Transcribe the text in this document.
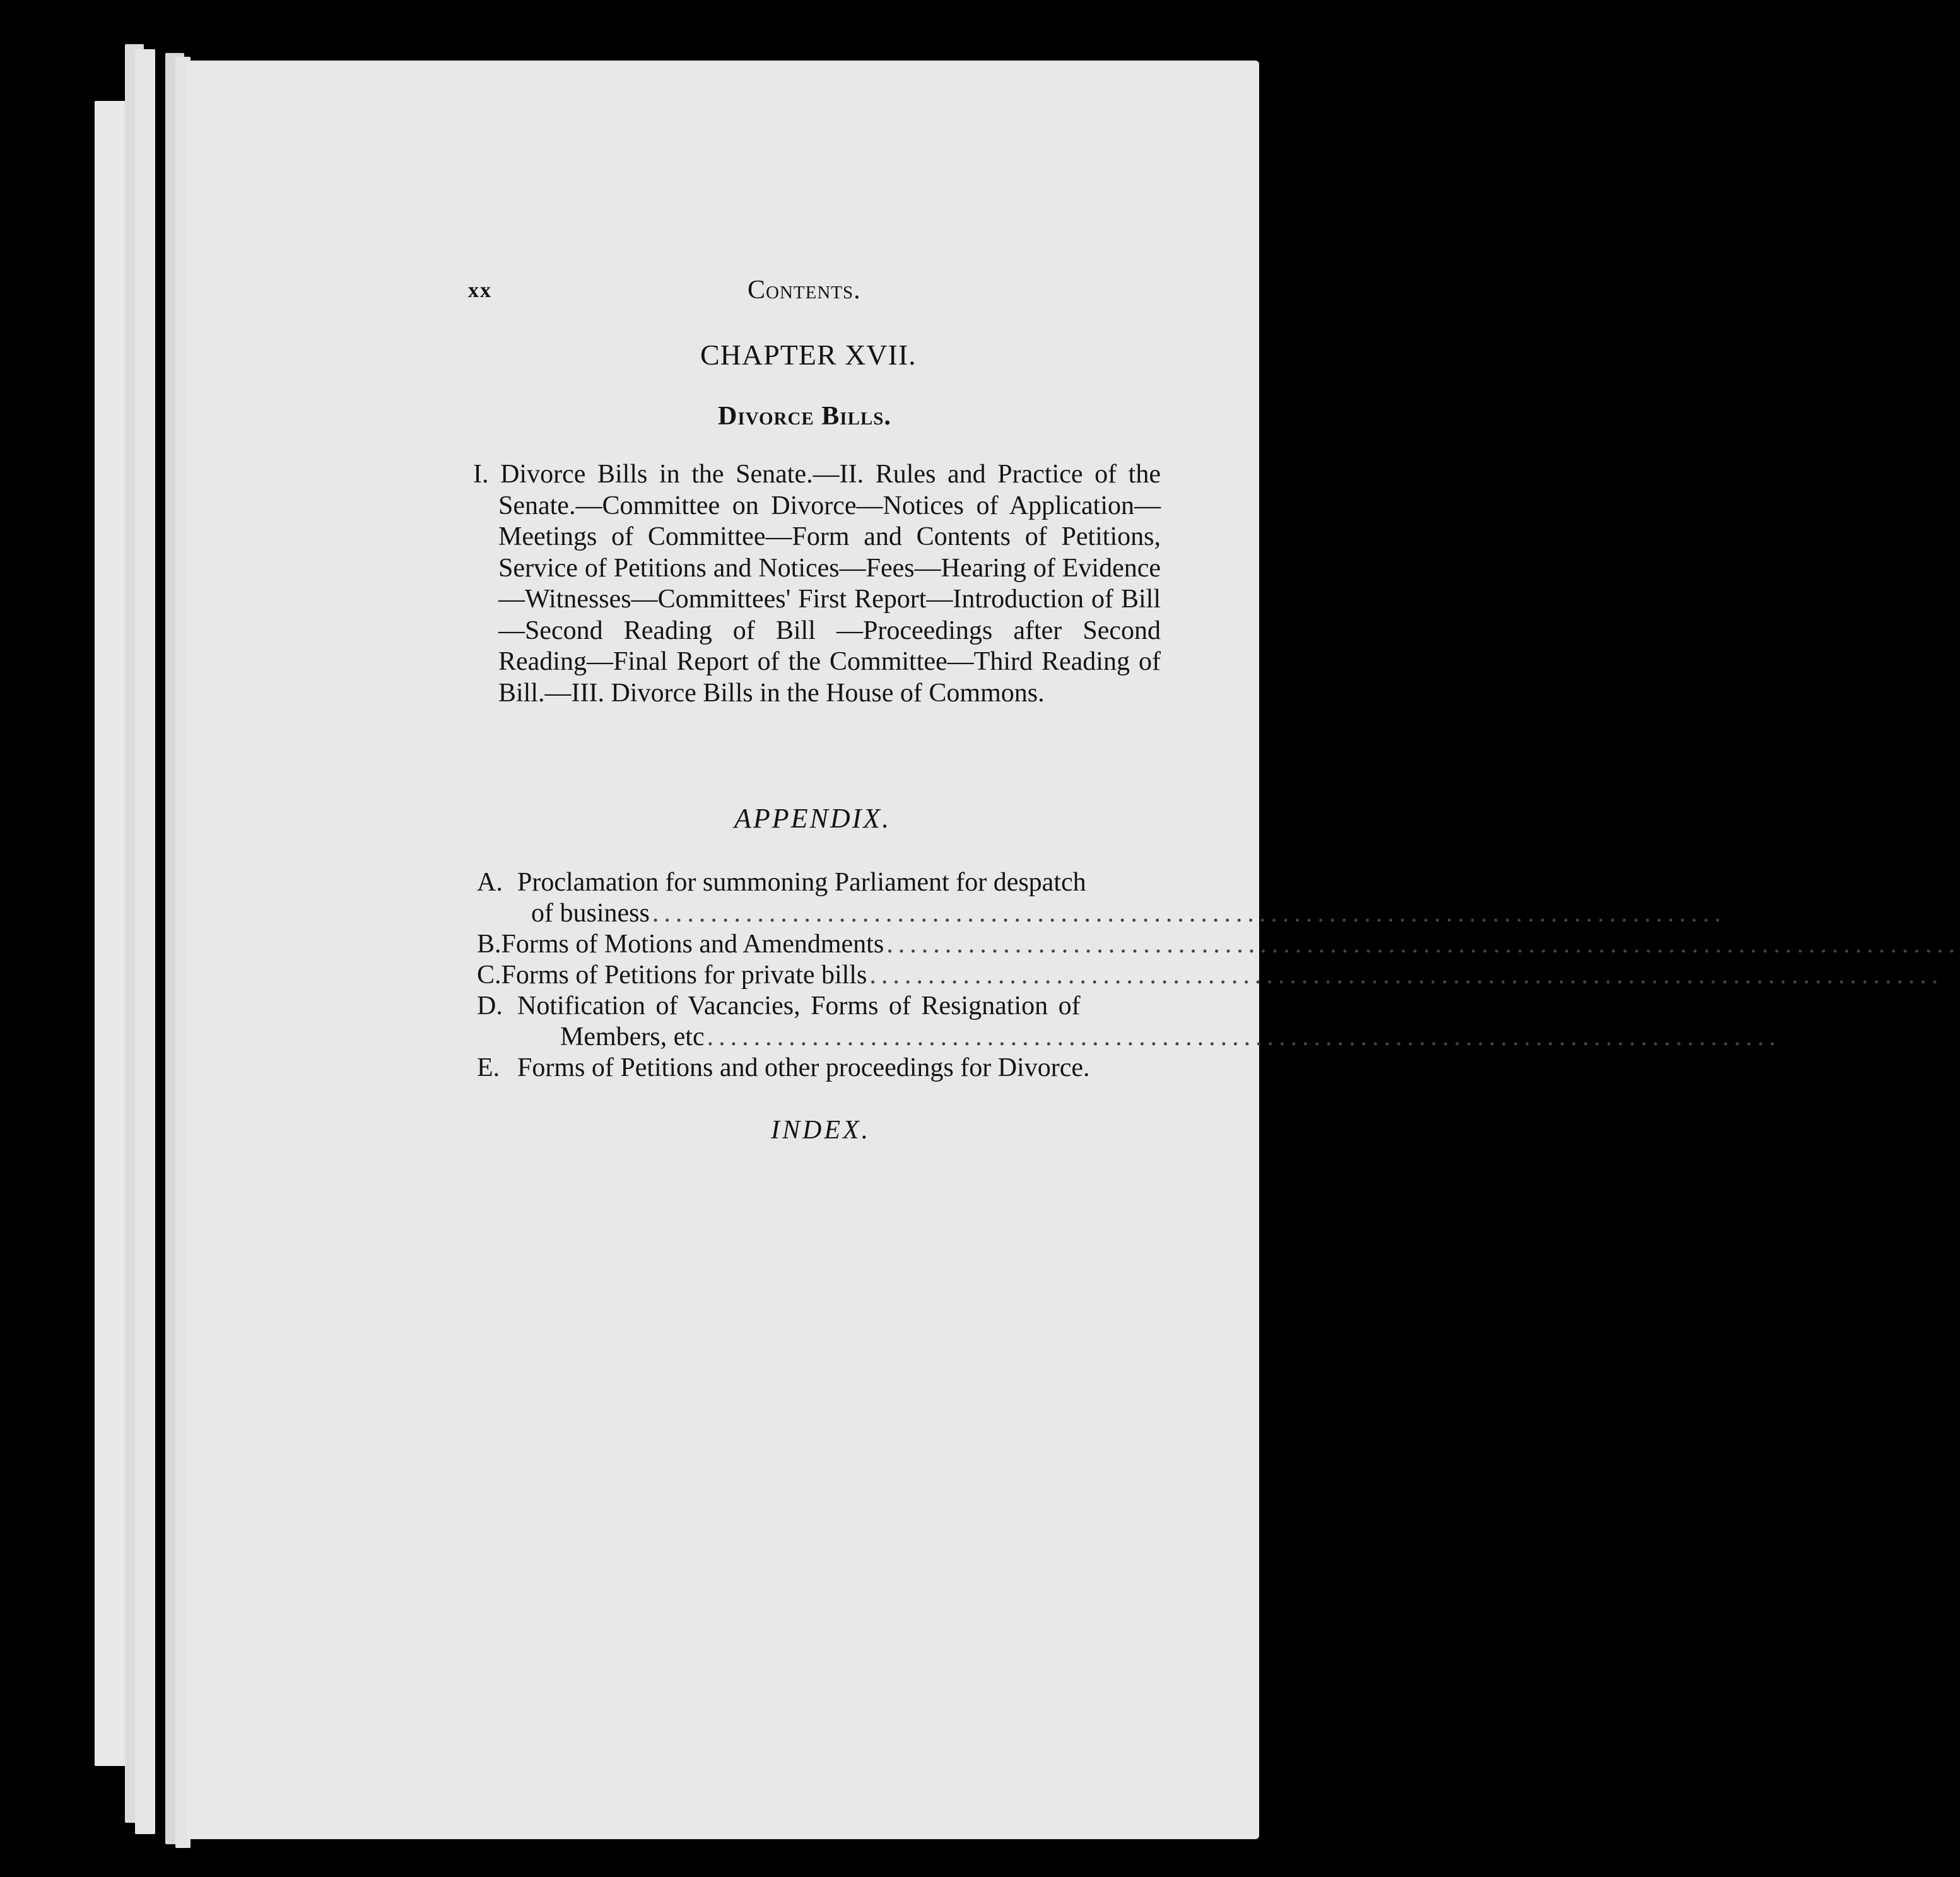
xx	Contents.
CHAPTER XVII.
Divorce Bills.
I. Divorce Bills in the Senate.—II. Rules and Practice of the Senate.—Committee on Divorce—Notices of Application—Meetings of Committee—Form and Contents of Petitions, Service of Petitions and Notices—Fees—Hearing of Evidence—Witnesses—Committees' First Report—Introduction of Bill—Second Reading of Bill —Proceedings after Second Reading—Final Report of the Committee—Third Reading of Bill.—III. Divorce Bills in the House of Commons.
APPENDIX.
A. Proclamation for summoning Parliament for despatch
of business ............................................................................................
B. Forms of Motions and Amendments ............................................................................................
C. Forms of Petitions for private bills ............................................................................................
D. Notification of Vacancies, Forms of Resignation of
Members, etc ............................................................................................
E. Forms of Petitions and other proceedings for Divorce.
INDEX.
